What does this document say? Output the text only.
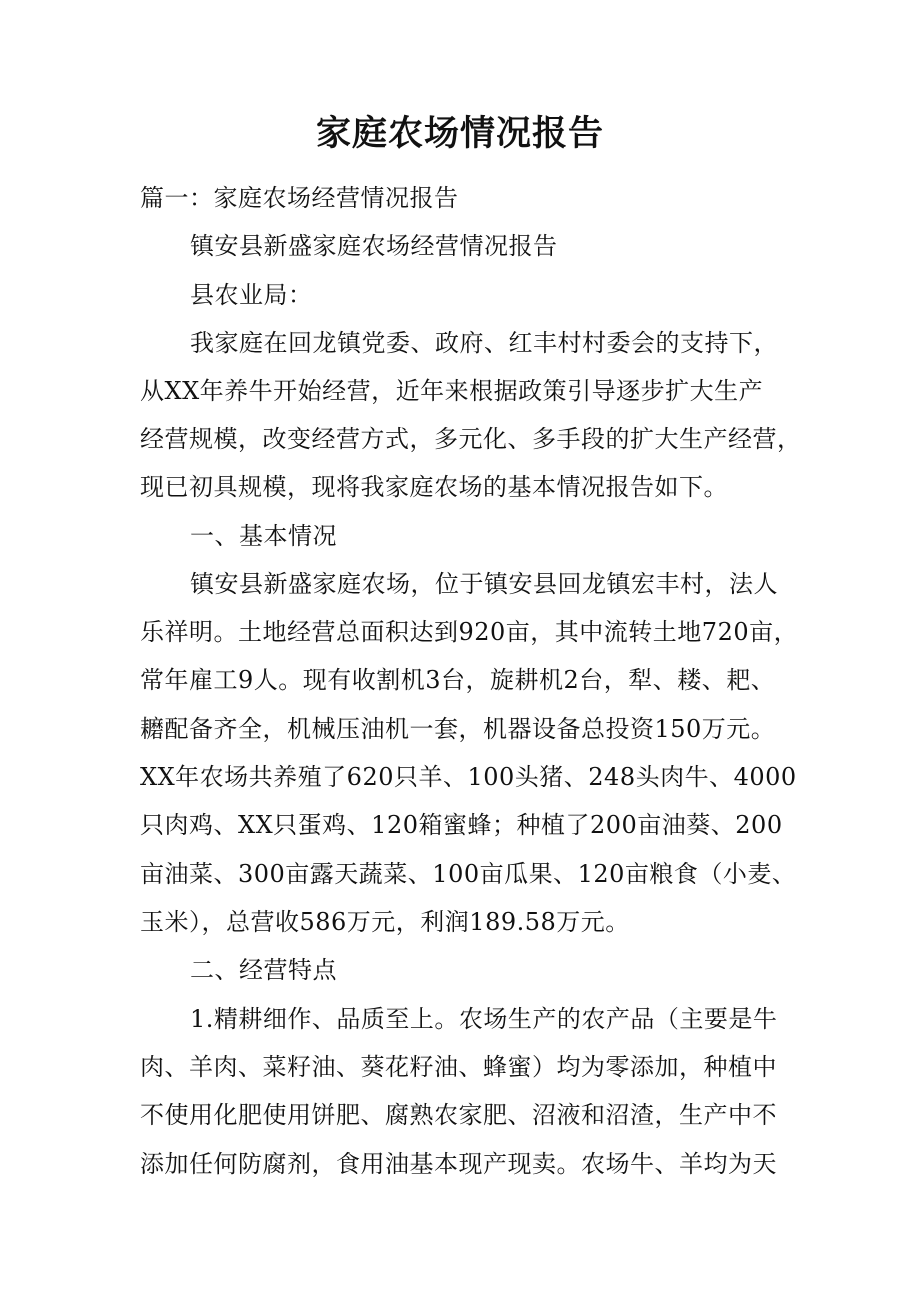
家庭农场情况报告
篇一：家庭农场经营情况报告
镇安县新盛家庭农场经营情况报告
县农业局：
我家庭在回龙镇党委、政府、红丰村村委会的支持下，
从XX年养牛开始经营，近年来根据政策引导逐步扩大生产
经营规模，改变经营方式，多元化、多手段的扩大生产经营，
现已初具规模，现将我家庭农场的基本情况报告如下。
一、基本情况
镇安县新盛家庭农场，位于镇安县回龙镇宏丰村，法人
乐祥明。土地经营总面积达到920亩，其中流转土地720亩，
常年雇工9人。现有收割机3台，旋耕机2台，犁、耧、耙、
耱配备齐全，机械压油机一套，机器设备总投资150万元。
XX年农场共养殖了620只羊、100头猪、248头肉牛、4000
只肉鸡、XX只蛋鸡、120箱蜜蜂；种植了200亩油葵、200
亩油菜、300亩露天蔬菜、100亩瓜果、120亩粮食（小麦、
玉米），总营收586万元，利润189.58万元。
二、经营特点
1.精耕细作、品质至上。农场生产的农产品（主要是牛
肉、羊肉、菜籽油、葵花籽油、蜂蜜）均为零添加，种植中
不使用化肥使用饼肥、腐熟农家肥、沼液和沼渣，生产中不
添加任何防腐剂，食用油基本现产现卖。农场牛、羊均为天
